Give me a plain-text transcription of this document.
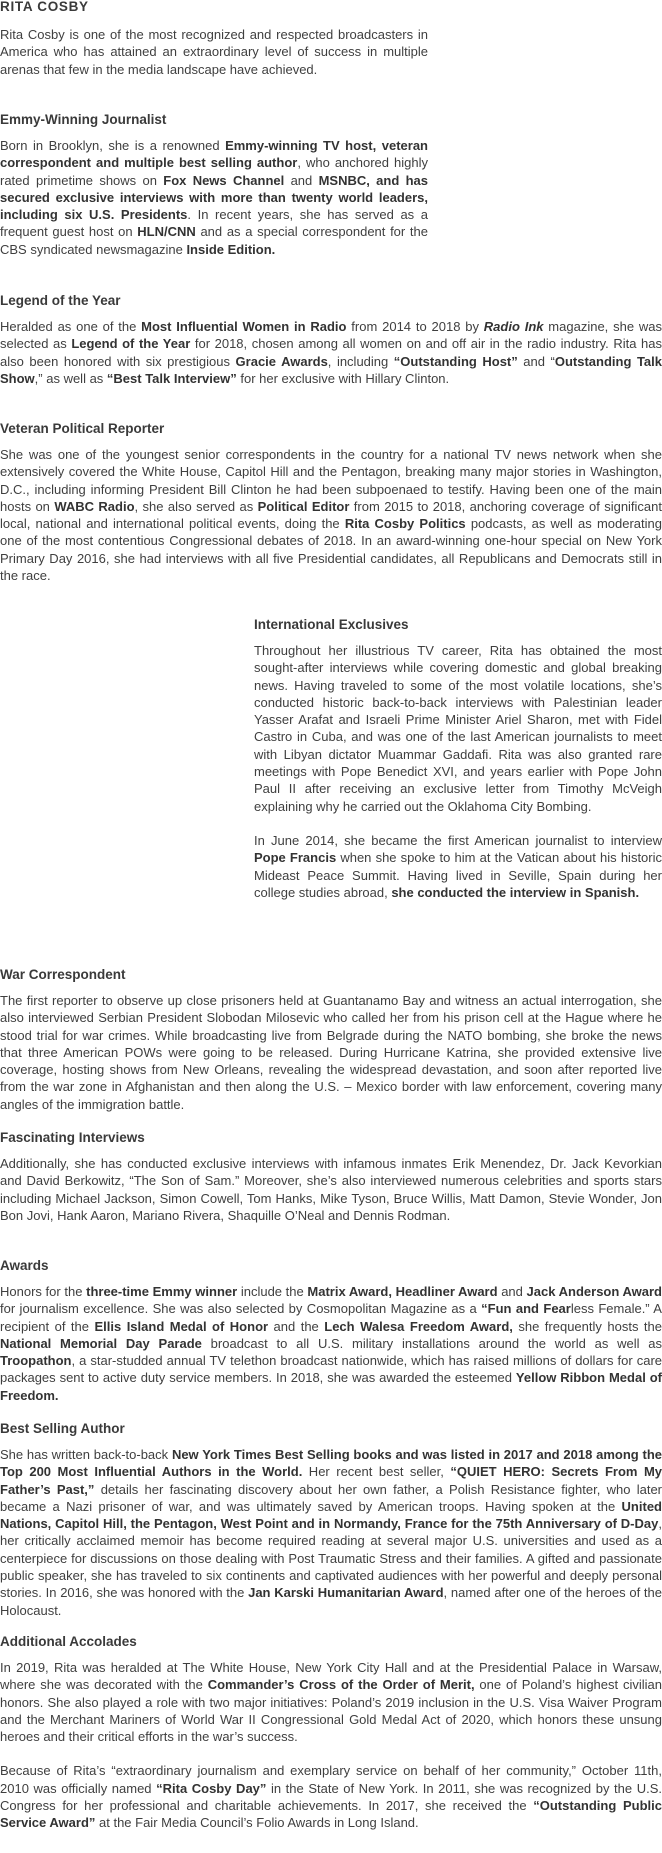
RITA COSBY

Rita Cosby is one of the most recognized and respected broadcasters in America who has attained an extraordinary level of success in multiple arenas that few in the media landscape have achieved.

Emmy-Winning Journalist

Born in Brooklyn, she is a renowned Emmy-winning TV host, veteran correspondent and multiple best selling author, who anchored highly rated primetime shows on Fox News Channel and MSNBC, and has secured exclusive interviews with more than twenty world leaders, including six U.S. Presidents. In recent years, she has served as a frequent guest host on HLN/CNN and as a special correspondent for the CBS syndicated newsmagazine Inside Edition.

Legend of the Year

Heralded as one of the Most Influential Women in Radio from 2014 to 2018 by Radio Ink magazine, she was selected as Legend of the Year for 2018, chosen among all women on and off air in the radio industry. Rita has also been honored with six prestigious Gracie Awards, including “Outstanding Host” and “Outstanding Talk Show,” as well as “Best Talk Interview” for her exclusive with Hillary Clinton.

Veteran Political Reporter

She was one of the youngest senior correspondents in the country for a national TV news network when she extensively covered the White House, Capitol Hill and the Pentagon, breaking many major stories in Washington, D.C., including informing President Bill Clinton he had been subpoenaed to testify. Having been one of the main hosts on WABC Radio, she also served as Political Editor from 2015 to 2018, anchoring coverage of significant local, national and international political events, doing the Rita Cosby Politics podcasts, as well as moderating one of the most contentious Congressional debates of 2018. In an award-winning one-hour special on New York Primary Day 2016, she had interviews with all five Presidential candidates, all Republicans and Democrats still in the race.

International Exclusives

Throughout her illustrious TV career, Rita has obtained the most sought-after interviews while covering domestic and global breaking news. Having traveled to some of the most volatile locations, she’s conducted historic back-to-back interviews with Palestinian leader Yasser Arafat and Israeli Prime Minister Ariel Sharon, met with Fidel Castro in Cuba, and was one of the last American journalists to meet with Libyan dictator Muammar Gaddafi. Rita was also granted rare meetings with Pope Benedict XVI, and years earlier with Pope John Paul II after receiving an exclusive letter from Timothy McVeigh explaining why he carried out the Oklahoma City Bombing.

In June 2014, she became the first American journalist to interview Pope Francis when she spoke to him at the Vatican about his historic Mideast Peace Summit. Having lived in Seville, Spain during her college studies abroad, she conducted the interview in Spanish.

War Correspondent

The first reporter to observe up close prisoners held at Guantanamo Bay and witness an actual interrogation, she also interviewed Serbian President Slobodan Milosevic who called her from his prison cell at the Hague where he stood trial for war crimes. While broadcasting live from Belgrade during the NATO bombing, she broke the news that three American POWs were going to be released. During Hurricane Katrina, she provided extensive live coverage, hosting shows from New Orleans, revealing the widespread devastation, and soon after reported live from the war zone in Afghanistan and then along the U.S. – Mexico border with law enforcement, covering many angles of the immigration battle.

Fascinating Interviews

Additionally, she has conducted exclusive interviews with infamous inmates Erik Menendez, Dr. Jack Kevorkian and David Berkowitz, “The Son of Sam.” Moreover, she’s also interviewed numerous celebrities and sports stars including Michael Jackson, Simon Cowell, Tom Hanks, Mike Tyson, Bruce Willis, Matt Damon, Stevie Wonder, Jon Bon Jovi, Hank Aaron, Mariano Rivera, Shaquille O’Neal and Dennis Rodman.

Awards

Honors for the three-time Emmy winner include the Matrix Award, Headliner Award and Jack Anderson Award for journalism excellence. She was also selected by Cosmopolitan Magazine as a “Fun and Fearless Female.” A recipient of the Ellis Island Medal of Honor and the Lech Walesa Freedom Award, she frequently hosts the National Memorial Day Parade broadcast to all U.S. military installations around the world as well as Troopathon, a star-studded annual TV telethon broadcast nationwide, which has raised millions of dollars for care packages sent to active duty service members. In 2018, she was awarded the esteemed Yellow Ribbon Medal of Freedom.

Best Selling Author

She has written back-to-back New York Times Best Selling books and was listed in 2017 and 2018 among the Top 200 Most Influential Authors in the World. Her recent best seller, “QUIET HERO: Secrets From My Father’s Past,” details her fascinating discovery about her own father, a Polish Resistance fighter, who later became a Nazi prisoner of war, and was ultimately saved by American troops. Having spoken at the United Nations, Capitol Hill, the Pentagon, West Point and in Normandy, France for the 75th Anniversary of D-Day, her critically acclaimed memoir has become required reading at several major U.S. universities and used as a centerpiece for discussions on those dealing with Post Traumatic Stress and their families. A gifted and passionate public speaker, she has traveled to six continents and captivated audiences with her powerful and deeply personal stories. In 2016, she was honored with the Jan Karski Humanitarian Award, named after one of the heroes of the Holocaust.

Additional Accolades

In 2019, Rita was heralded at The White House, New York City Hall and at the Presidential Palace in Warsaw, where she was decorated with the Commander’s Cross of the Order of Merit, one of Poland’s highest civilian honors. She also played a role with two major initiatives: Poland’s 2019 inclusion in the U.S. Visa Waiver Program and the Merchant Mariners of World War II Congressional Gold Medal Act of 2020, which honors these unsung heroes and their critical efforts in the war’s success.

Because of Rita’s “extraordinary journalism and exemplary service on behalf of her community,” October 11th, 2010 was officially named “Rita Cosby Day” in the State of New York. In 2011, she was recognized by the U.S. Congress for her professional and charitable achievements. In 2017, she received the “Outstanding Public Service Award” at the Fair Media Council’s Folio Awards in Long Island.
